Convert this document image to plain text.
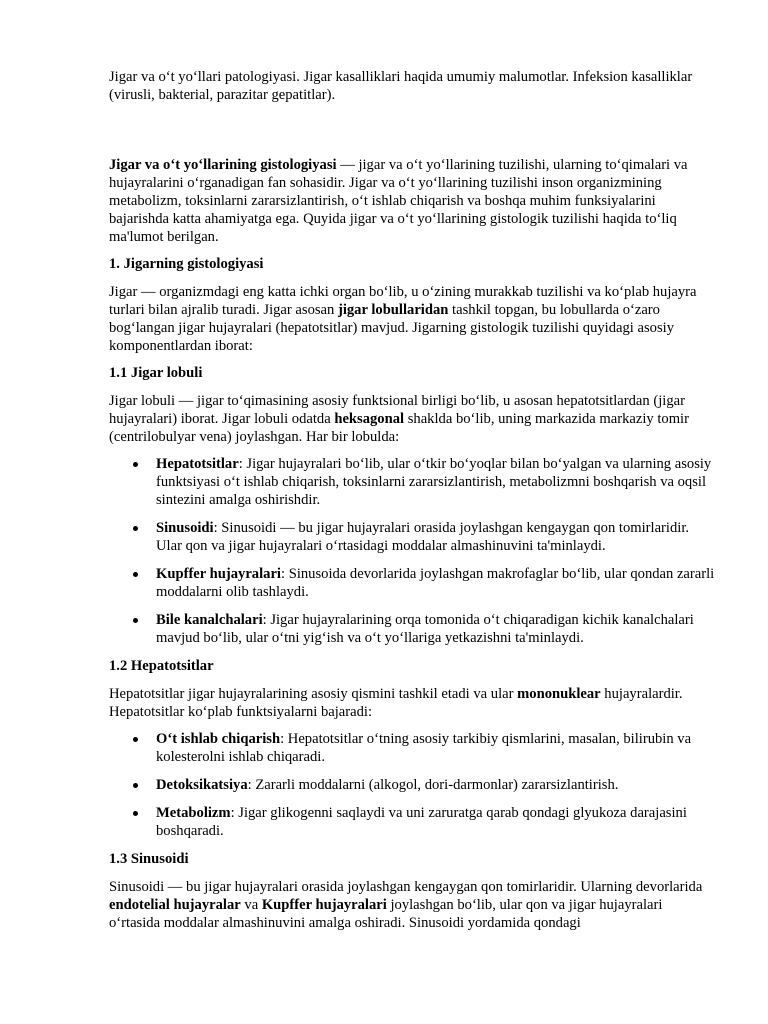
Jigar va o‘t yo‘llari patologiyasi. Jigar kasalliklari haqida umumiy malumotlar. Infeksion kasalliklar (virusli, bakterial, parazitar gepatitlar).

Jigar va o‘t yo‘llarining gistologiyasi — jigar va o‘t yo‘llarining tuzilishi, ularning to‘qimalari va hujayralarini o‘rganadigan fan sohasidir. Jigar va o‘t yo‘llarining tuzilishi inson organizmining metabolizm, toksinlarni zararsizlantirish, o‘t ishlab chiqarish va boshqa muhim funksiyalarini bajarishda katta ahamiyatga ega. Quyida jigar va o‘t yo‘llarining gistologik tuzilishi haqida to‘liq ma'lumot berilgan.

1. Jigarning gistologiyasi

Jigar — organizmdagi eng katta ichki organ bo‘lib, u o‘zining murakkab tuzilishi va ko‘plab hujayra turlari bilan ajralib turadi. Jigar asosan jigar lobullaridan tashkil topgan, bu lobullarda o‘zaro bog‘langan jigar hujayralari (hepatotsitlar) mavjud. Jigarning gistologik tuzilishi quyidagi asosiy komponentlardan iborat:

1.1 Jigar lobuli

Jigar lobuli — jigar to‘qimasining asosiy funktsional birligi bo‘lib, u asosan hepatotsitlardan (jigar hujayralari) iborat. Jigar lobuli odatda heksagonal shaklda bo‘lib, uning markazida markaziy tomir (centrilobulyar vena) joylashgan. Har bir lobulda:

Hepatotsitlar: Jigar hujayralari bo‘lib, ular o‘tkir bo‘yoqlar bilan bo‘yalgan va ularning asosiy funktsiyasi o‘t ishlab chiqarish, toksinlarni zararsizlantirish, metabolizmni boshqarish va oqsil sintezini amalga oshirishdir.
Sinusoidi: Sinusoidi — bu jigar hujayralari orasida joylashgan kengaygan qon tomirlaridir. Ular qon va jigar hujayralari o‘rtasidagi moddalar almashinuvini ta'minlaydi.
Kupffer hujayralari: Sinusoida devorlarida joylashgan makrofaglar bo‘lib, ular qondan zararli moddalarni olib tashlaydi.
Bile kanalchalari: Jigar hujayralarining orqa tomonida o‘t chiqaradigan kichik kanalchalari mavjud bo‘lib, ular o‘tni yig‘ish va o‘t yo‘llariga yetkazishni ta'minlaydi.

1.2 Hepatotsitlar

Hepatotsitlar jigar hujayralarining asosiy qismini tashkil etadi va ular mononuklear hujayralardir. Hepatotsitlar ko‘plab funktsiyalarni bajaradi:

O‘t ishlab chiqarish: Hepatotsitlar o‘tning asosiy tarkibiy qismlarini, masalan, bilirubin va kolesterolni ishlab chiqaradi.
Detoksikatsiya: Zararli moddalarni (alkogol, dori-darmonlar) zararsizlantirish.
Metabolizm: Jigar glikogenni saqlaydi va uni zaruratga qarab qondagi glyukoza darajasini boshqaradi.

1.3 Sinusoidi

Sinusoidi — bu jigar hujayralari orasida joylashgan kengaygan qon tomirlaridir. Ularning devorlarida endotelial hujayralar va Kupffer hujayralari joylashgan bo‘lib, ular qon va jigar hujayralari o‘rtasida moddalar almashinuvini amalga oshiradi. Sinusoidi yordamida qondagi
